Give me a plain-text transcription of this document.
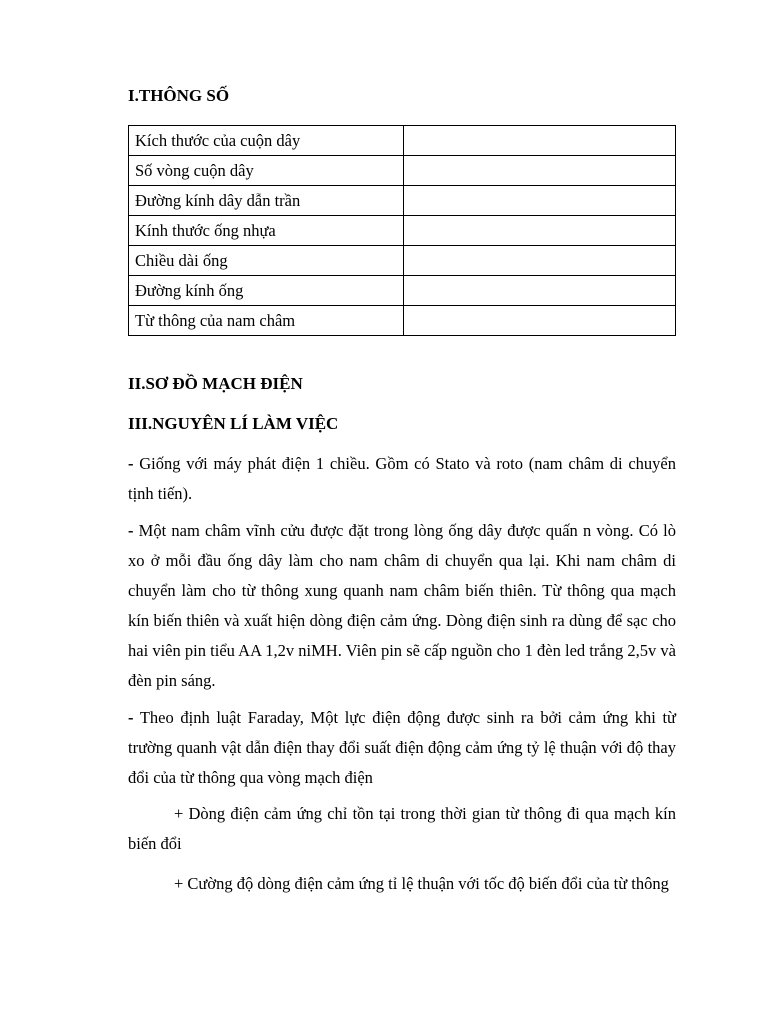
I.THÔNG SỐ
Kích thước của cuộn dây	
Số vòng cuộn dây	
Đường kính dây dẫn trần	
Kính thước ống nhựa	
Chiều dài ống	
Đường kính ống	
Từ thông của nam châm	
II.SƠ ĐỒ MẠCH ĐIỆN
III.NGUYÊN LÍ LÀM VIỆC

- Giống với máy phát điện 1 chiều. Gồm có Stato và roto (nam châm di chuyển tịnh tiến).

- Một nam châm vĩnh cửu được đặt trong lòng ống dây được quấn n vòng. Có lò xo ở mỗi đầu ống dây làm cho nam châm di chuyển qua lại. Khi nam châm di chuyển làm cho từ thông xung quanh nam châm biến thiên. Từ thông qua mạch kín biến thiên và xuất hiện dòng điện cảm ứng. Dòng điện sinh ra dùng để sạc cho hai viên pin tiểu AA 1,2v niMH. Viên pin sẽ cấp nguồn cho 1 đèn led trắng 2,5v và đèn pin sáng.

- Theo định luật Faraday, Một lực điện động được sinh ra bởi cảm ứng khi từ trường quanh vật dẫn điện thay đổi suất điện động cảm ứng tỷ lệ thuận với độ thay đổi của từ thông qua vòng mạch điện

+ Dòng điện cảm ứng chỉ tồn tại trong thời gian từ thông đi qua mạch kín biến đổi

+ Cường độ dòng điện cảm ứng tỉ lệ thuận với tốc độ biến đổi của từ thông
